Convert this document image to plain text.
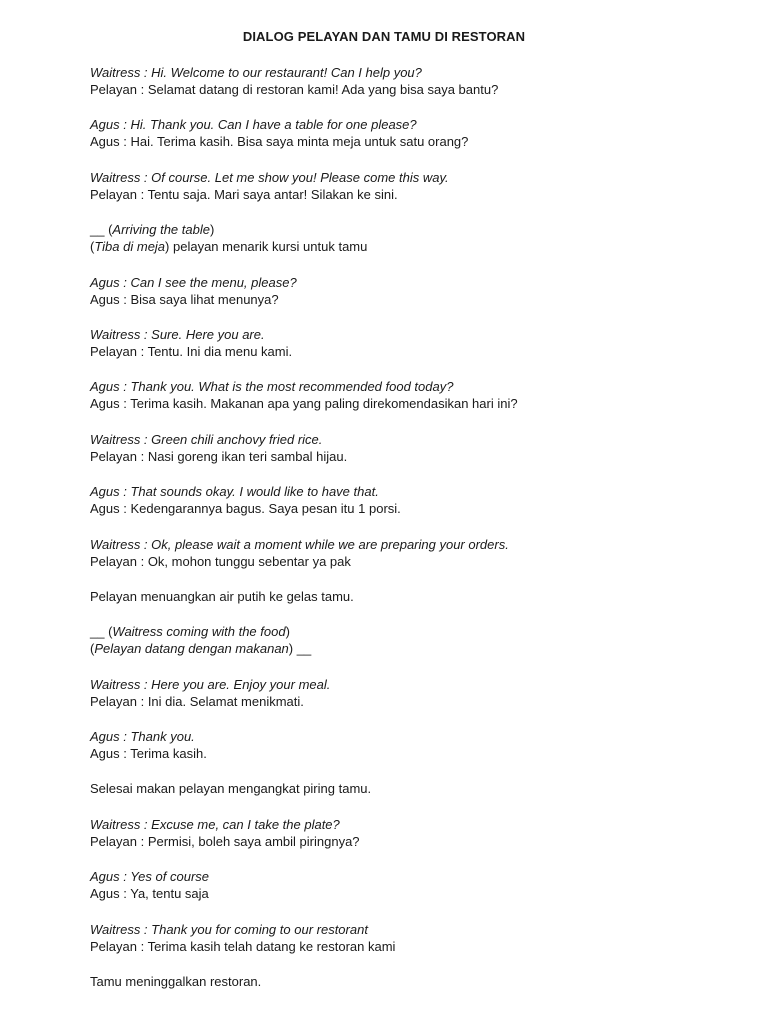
DIALOG PELAYAN DAN TAMU DI RESTORAN
Waitress : Hi. Welcome to our restaurant! Can I help you?
Pelayan : Selamat datang di restoran kami! Ada yang bisa saya bantu?
Agus : Hi. Thank you. Can I have a table for one please?
Agus : Hai. Terima kasih. Bisa saya minta meja untuk satu orang?
Waitress : Of course. Let me show you! Please come this way.
Pelayan : Tentu saja. Mari saya antar! Silakan ke sini.
__ (Arriving the table)
(Tiba di meja) pelayan menarik kursi untuk tamu
Agus : Can I see the menu, please?
Agus : Bisa saya lihat menunya?
Waitress : Sure. Here you are.
Pelayan : Tentu. Ini dia menu kami.
Agus : Thank you. What is the most recommended food today?
Agus : Terima kasih. Makanan apa yang paling direkomendasikan hari ini?
Waitress : Green chili anchovy fried rice.
Pelayan : Nasi goreng ikan teri sambal hijau.
Agus : That sounds okay. I would like to have that.
Agus : Kedengarannya bagus. Saya pesan itu 1 porsi.
Waitress : Ok, please wait a moment while we are preparing your orders.
Pelayan : Ok, mohon tunggu sebentar ya pak
Pelayan menuangkan air putih ke gelas tamu.
__ (Waitress coming with the food)
(Pelayan datang dengan makanan) __
Waitress : Here you are. Enjoy your meal.
Pelayan : Ini dia. Selamat menikmati.
Agus : Thank you.
Agus : Terima kasih.
Selesai makan pelayan mengangkat piring tamu.
Waitress : Excuse me, can I take the plate?
Pelayan : Permisi, boleh saya ambil piringnya?
Agus : Yes of course
Agus : Ya, tentu saja
Waitress : Thank you for coming to our restorant
Pelayan : Terima kasih telah datang ke restoran kami
Tamu meninggalkan restoran.
